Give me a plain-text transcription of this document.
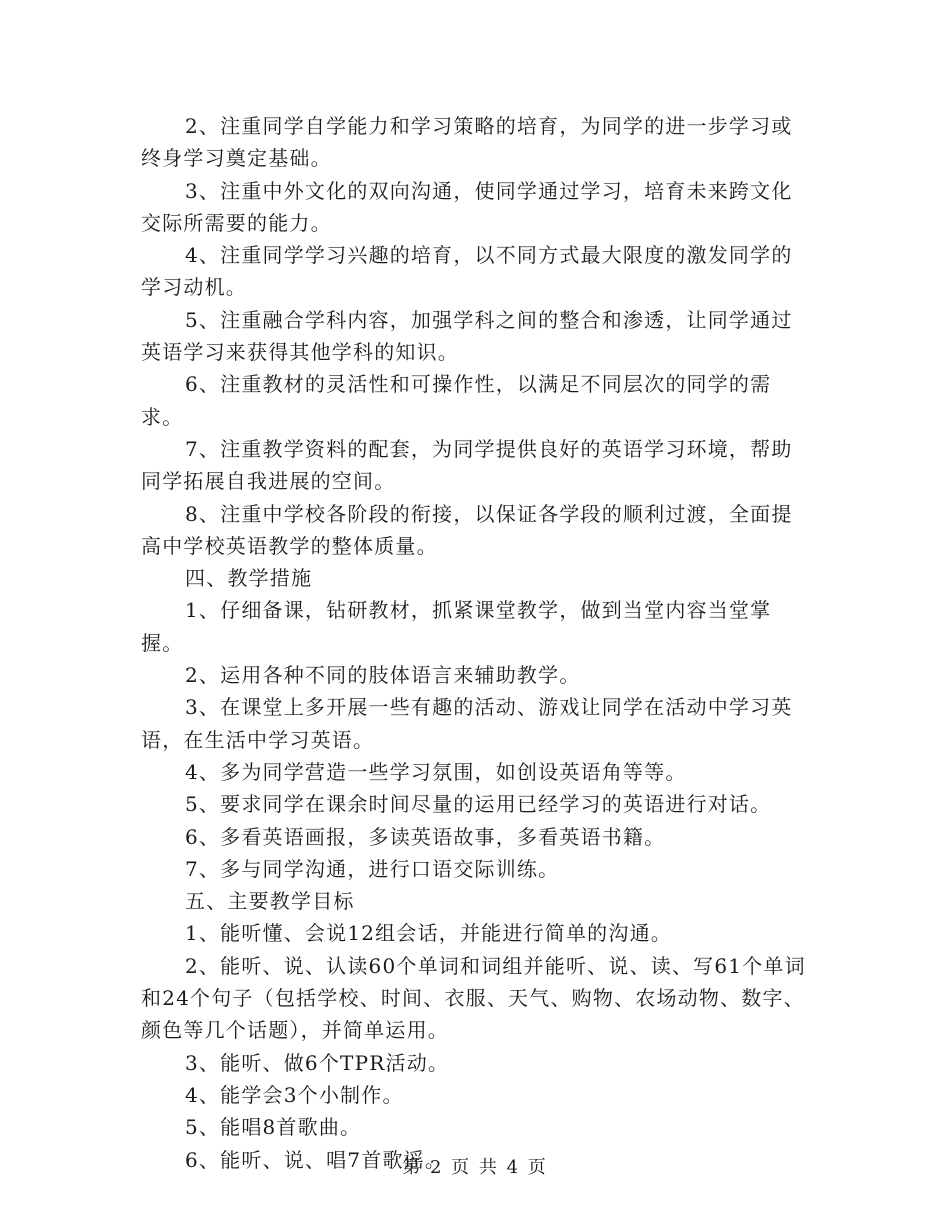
2、注重同学自学能力和学习策略的培育，为同学的进一步学习或终身学习奠定基础。

3、注重中外文化的双向沟通，使同学通过学习，培育未来跨文化交际所需要的能力。

4、注重同学学习兴趣的培育，以不同方式最大限度的激发同学的学习动机。

5、注重融合学科内容，加强学科之间的整合和渗透，让同学通过英语学习来获得其他学科的知识。

6、注重教材的灵活性和可操作性，以满足不同层次的同学的需求。

7、注重教学资料的配套，为同学提供良好的英语学习环境，帮助同学拓展自我进展的空间。

8、注重中学校各阶段的衔接，以保证各学段的顺利过渡，全面提高中学校英语教学的整体质量。

四、教学措施

1、仔细备课，钻研教材，抓紧课堂教学，做到当堂内容当堂掌握。

2、运用各种不同的肢体语言来辅助教学。

3、在课堂上多开展一些有趣的活动、游戏让同学在活动中学习英语，在生活中学习英语。

4、多为同学营造一些学习氛围，如创设英语角等等。

5、要求同学在课余时间尽量的运用已经学习的英语进行对话。

6、多看英语画报，多读英语故事，多看英语书籍。

7、多与同学沟通，进行口语交际训练。

五、主要教学目标

1、能听懂、会说12组会话，并能进行简单的沟通。

2、能听、说、认读60个单词和词组并能听、说、读、写61个单词和24个句子（包括学校、时间、衣服、天气、购物、农场动物、数字、颜色等几个话题），并简单运用。

3、能听、做6个TPR活动。

4、能学会3个小制作。

5、能唱8首歌曲。

6、能听、说、唱7首歌谣。

第 2 页 共 4 页
